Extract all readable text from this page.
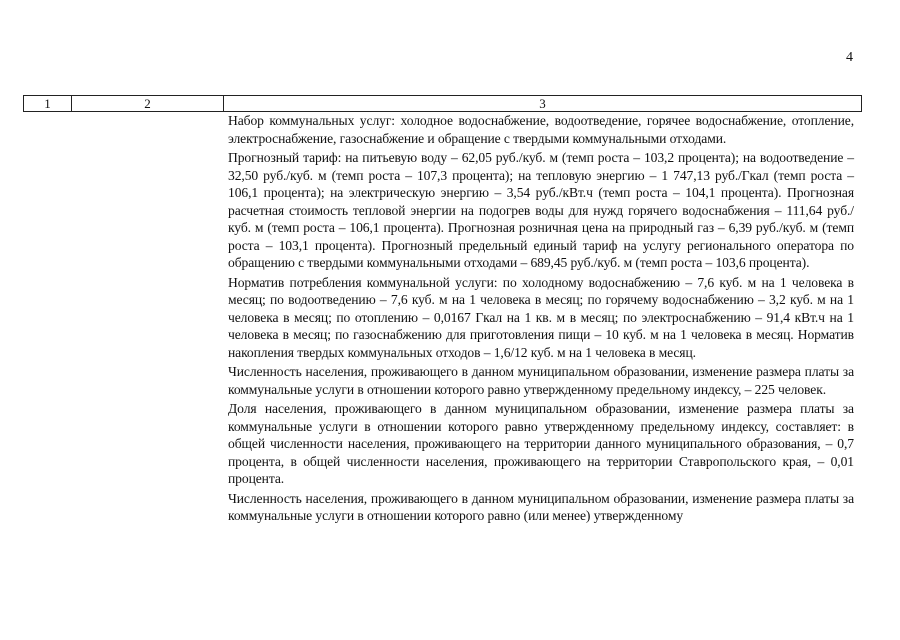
4
1	2	3

Набор коммунальных услуг: холодное водоснабжение, водоотведение, горячее водоснабжение, отопление, электроснабжение, газоснабжение и обращение с твердыми коммунальными отходами.

Прогнозный тариф: на питьевую воду – 62,05 руб./куб. м (темп роста – 103,2 процента); на водоотведение – 32,50 руб./куб. м (темп роста – 107,3 процента); на тепловую энергию – 1 747,13 руб./Гкал (темп роста – 106,1 процента); на электрическую энергию – 3,54 руб./кВт.ч (темп роста – 104,1 процента). Прогнозная расчетная стоимость тепловой энергии на подогрев воды для нужд горячего водоснабжения – 111,64 руб./куб. м (темп роста – 106,1 процента). Прогнозная розничная цена на природный газ – 6,39 руб./куб. м (темп роста – 103,1 процента). Прогнозный предельный единый тариф на услугу регионального оператора по обращению с твердыми коммунальными отходами – 689,45 руб./куб. м (темп роста – 103,6 процента).

Норматив потребления коммунальной услуги: по холодному водоснабжению – 7,6 куб. м на 1 человека в месяц; по водоотведению – 7,6 куб. м на 1 человека в месяц; по горячему водоснабжению – 3,2 куб. м на 1 человека в месяц; по отоплению – 0,0167 Гкал на 1 кв. м в месяц; по электроснабжению – 91,4 кВт.ч на 1 человека в месяц; по газоснабжению для приготовления пищи – 10 куб. м на 1 человека в месяц. Норматив накопления твердых коммунальных отходов – 1,6/12 куб. м на 1 человека в месяц.

Численность населения, проживающего в данном муниципальном образовании, изменение размера платы за коммунальные услуги в отношении которого равно утвержденному предельному индексу, – 225 человек.

Доля населения, проживающего в данном муниципальном образовании, изменение размера платы за коммунальные услуги в отношении которого равно утвержденному предельному индексу, составляет: в общей численности населения, проживающего на территории данного муниципального образования, – 0,7 процента, в общей численности населения, проживающего на территории Ставропольского края, – 0,01 процента.

Численность населения, проживающего в данном муниципальном образовании, изменение размера платы за коммунальные услуги в отношении которого равно (или менее) утвержденному
